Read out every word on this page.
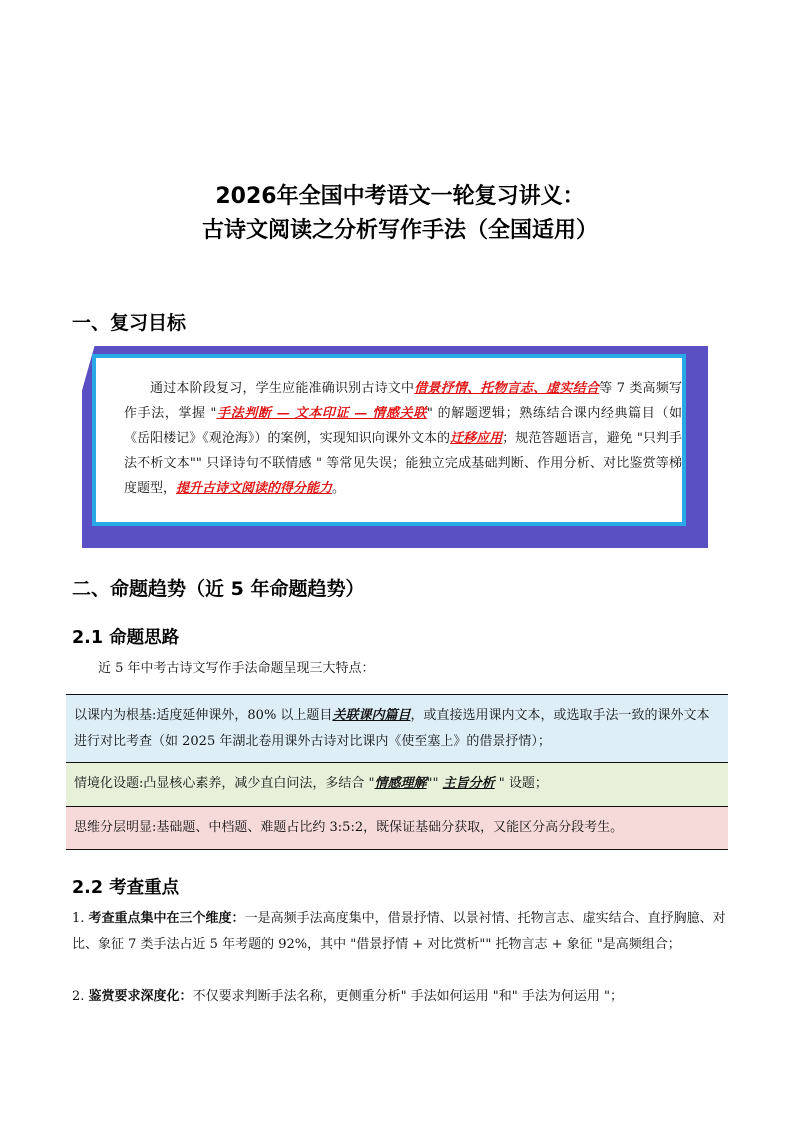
2026年全国中考语文一轮复习讲义：
古诗文阅读之分析写作手法（全国适用）
一、复习目标
通过本阶段复习，学生应能准确识别古诗文中借景抒情、托物言志、虚实结合等 7 类高频写作手法，掌握 "手法判断 — 文本印证 — 情感关联" 的解题逻辑；熟练结合课内经典篇目（如《岳阳楼记》《观沧海》）的案例，实现知识向课外文本的迁移应用；规范答题语言，避免 "只判手法不析文本"" 只译诗句不联情感 " 等常见失误；能独立完成基础判断、作用分析、对比鉴赏等梯度题型，提升古诗文阅读的得分能力。
二、命题趋势（近 5 年命题趋势）
2.1 命题思路
近 5 年中考古诗文写作手法命题呈现三大特点：
以课内为根基:适度延伸课外，80% 以上题目关联课内篇目，或直接选用课内文本，或选取手法一致的课外文本进行对比考查（如 2025 年湖北卷用课外古诗对比课内《使至塞上》的借景抒情）；
情境化设题:凸显核心素养，减少直白问法，多结合 "情感理解"" 主旨分析 " 设题；
思维分层明显:基础题、中档题、难题占比约 3:5:2，既保证基础分获取，又能区分高分段考生。
2.2 考查重点
1. 考查重点集中在三个维度：一是高频手法高度集中，借景抒情、以景衬情、托物言志、虚实结合、直抒胸臆、对比、象征 7 类手法占近 5 年考题的 92%，其中 "借景抒情 + 对比赏析"" 托物言志 + 象征 "是高频组合；
2. 鉴赏要求深度化：不仅要求判断手法名称，更侧重分析" 手法如何运用 "和" 手法为何运用 "；
